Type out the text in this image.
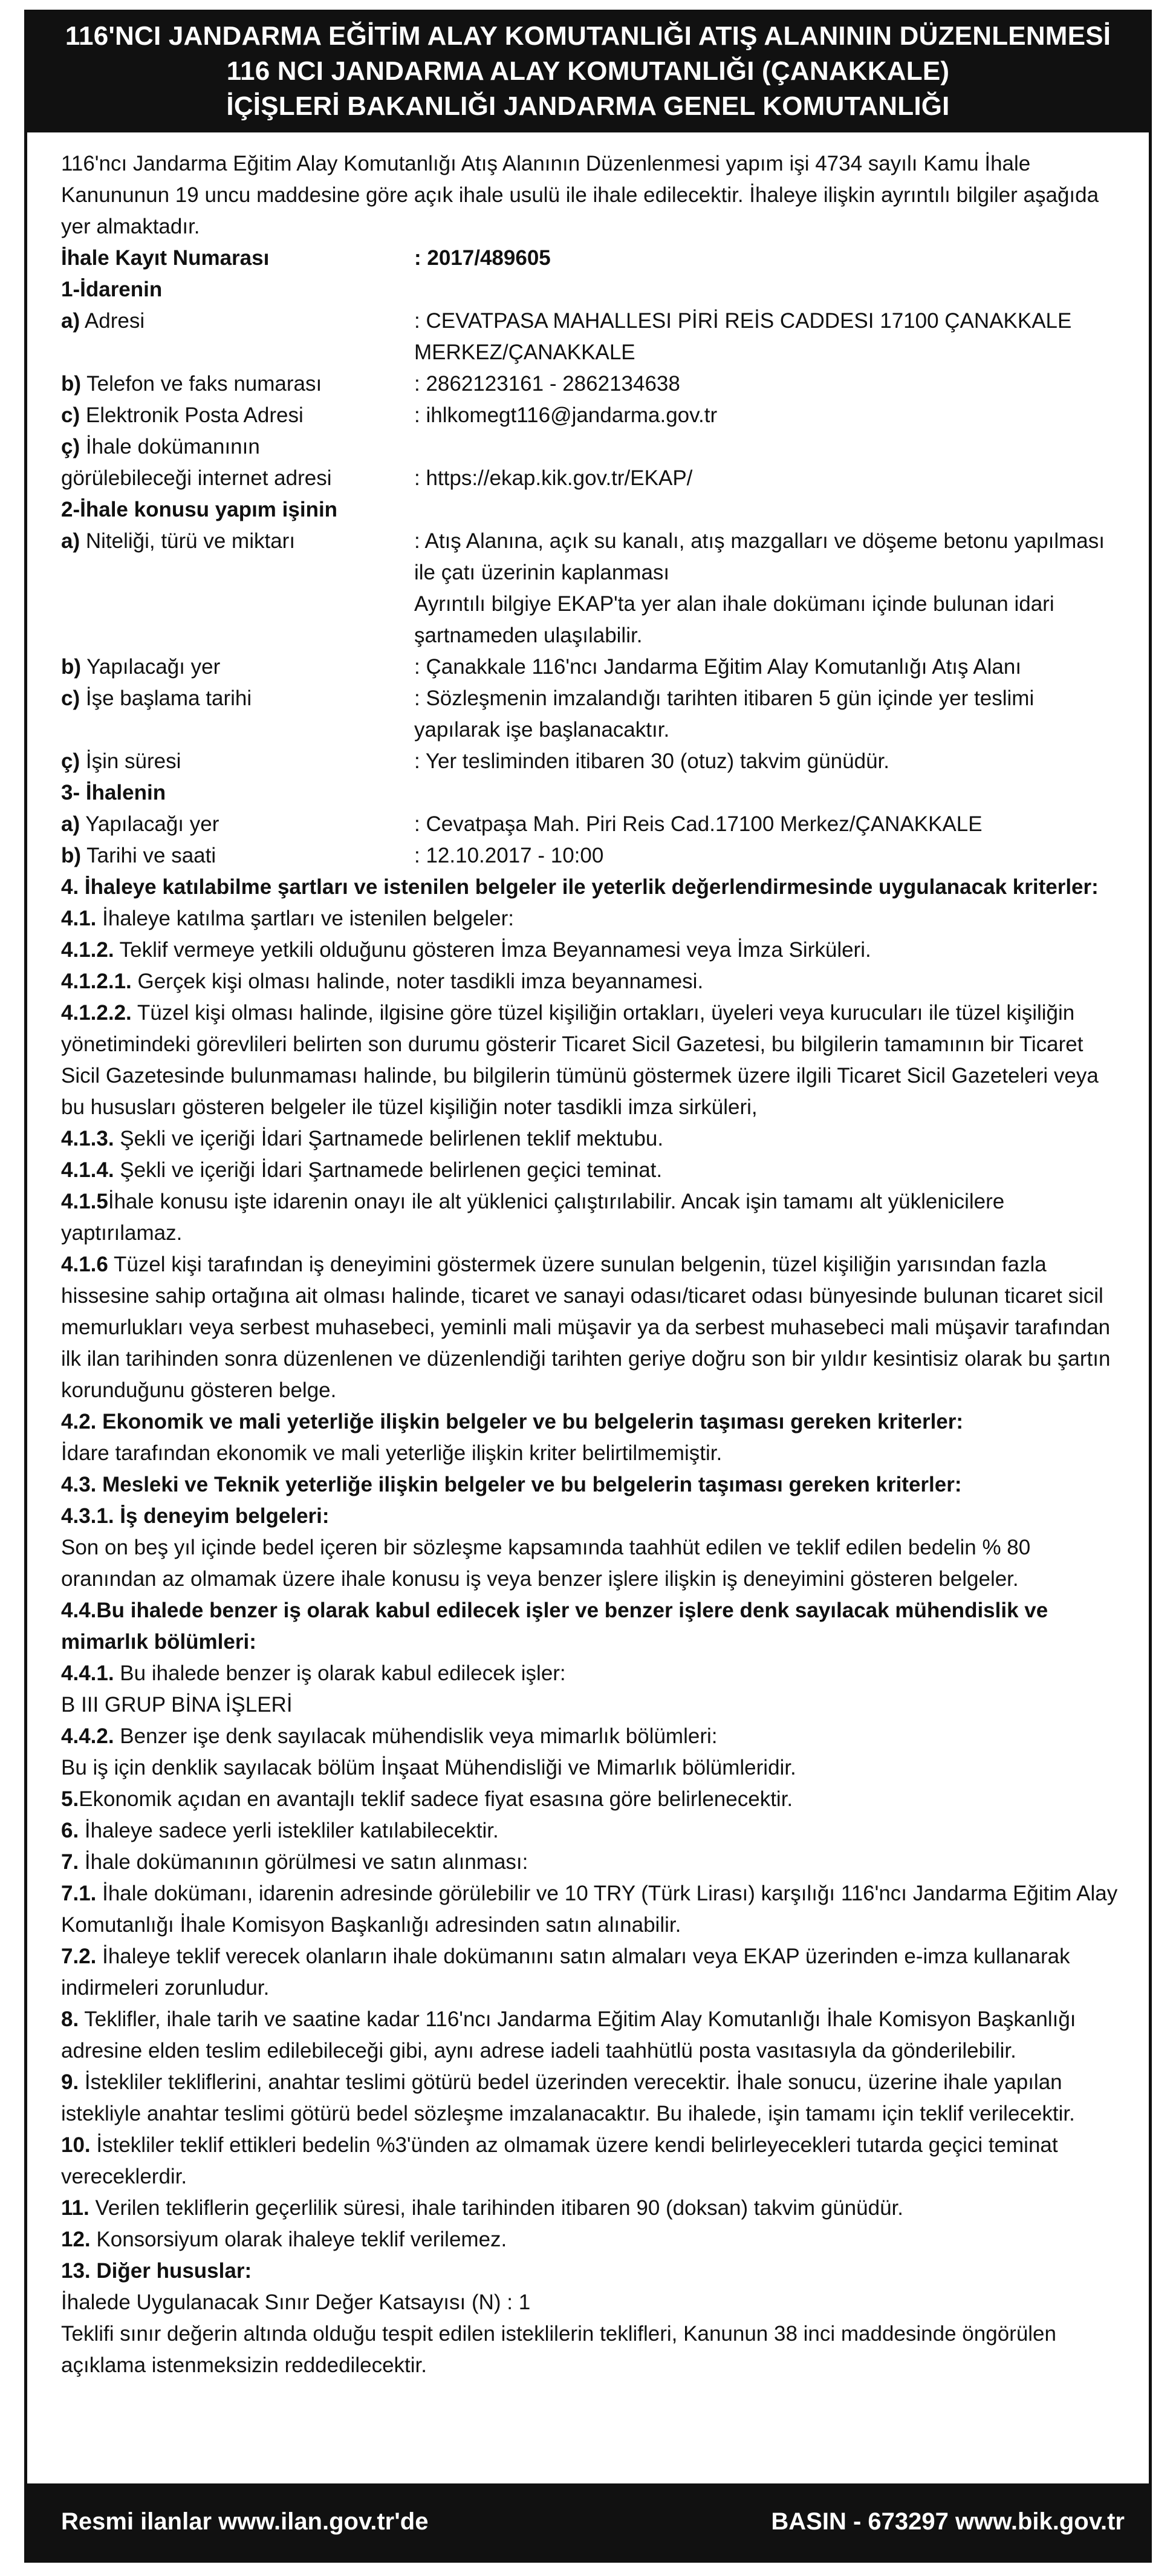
116'NCI JANDARMA EĞİTİM ALAY KOMUTANLIĞI ATIŞ ALANININ DÜZENLENMESİ
116 NCI JANDARMA ALAY KOMUTANLIĞI (ÇANAKKALE)
İÇİŞLERİ BAKANLIĞI JANDARMA GENEL KOMUTANLIĞI

116'ncı Jandarma Eğitim Alay Komutanlığı Atış Alanının Düzenlenmesi yapım işi 4734 sayılı Kamu İhale Kanununun 19 uncu maddesine göre açık ihale usulü ile ihale edilecektir. İhaleye ilişkin ayrıntılı bilgiler aşağıda yer almaktadır.

İhale Kayıt Numarası	: 2017/489605

1-İdarenin

a) Adresi	: CEVATPASA MAHALLESI PİRİ REİS CADDESI 17100 ÇANAKKALE MERKEZ/ÇANAKKALE
b) Telefon ve faks numarası	: 2862123161 - 2862134638
c) Elektronik Posta Adresi	: ihlkomegt116@jandarma.gov.tr
ç) İhale dokümanının
görülebileceği internet adresi	: https://ekap.kik.gov.tr/EKAP/

2-İhale konusu yapım işinin

a) Niteliği, türü ve miktarı	: Atış Alanına, açık su kanalı, atış mazgalları ve döşeme betonu yapılması ile çatı üzerinin kaplanması
Ayrıntılı bilgiye EKAP'ta yer alan ihale dokümanı içinde bulunan idari şartnameden ulaşılabilir.
b) Yapılacağı yer	: Çanakkale 116'ncı Jandarma Eğitim Alay Komutanlığı Atış Alanı
c) İşe başlama tarihi	: Sözleşmenin imzalandığı tarihten itibaren 5 gün içinde yer teslimi yapılarak işe başlanacaktır.
ç) İşin süresi	: Yer tesliminden itibaren 30 (otuz) takvim günüdür.

3- İhalenin

a) Yapılacağı yer	: Cevatpaşa Mah. Piri Reis Cad.17100 Merkez/ÇANAKKALE
b) Tarihi ve saati	: 12.10.2017 - 10:00

4. İhaleye katılabilme şartları ve istenilen belgeler ile yeterlik değerlendirmesinde uygulanacak kriterler:

4.1. İhaleye katılma şartları ve istenilen belgeler:

4.1.2. Teklif vermeye yetkili olduğunu gösteren İmza Beyannamesi veya İmza Sirküleri.

4.1.2.1. Gerçek kişi olması halinde, noter tasdikli imza beyannamesi.

4.1.2.2. Tüzel kişi olması halinde, ilgisine göre tüzel kişiliğin ortakları, üyeleri veya kurucuları ile tüzel kişiliğin yönetimindeki görevlileri belirten son durumu gösterir Ticaret Sicil Gazetesi, bu bilgilerin tamamının bir Ticaret Sicil Gazetesinde bulunmaması halinde, bu bilgilerin tümünü göstermek üzere ilgili Ticaret Sicil Gazeteleri veya bu hususları gösteren belgeler ile tüzel kişiliğin noter tasdikli imza sirküleri,

4.1.3. Şekli ve içeriği İdari Şartnamede belirlenen teklif mektubu.

4.1.4. Şekli ve içeriği İdari Şartnamede belirlenen geçici teminat.

4.1.5İhale konusu işte idarenin onayı ile alt yüklenici çalıştırılabilir. Ancak işin tamamı alt yüklenicilere yaptırılamaz.

4.1.6 Tüzel kişi tarafından iş deneyimini göstermek üzere sunulan belgenin, tüzel kişiliğin yarısından fazla hissesine sahip ortağına ait olması halinde, ticaret ve sanayi odası/ticaret odası bünyesinde bulunan ticaret sicil memurlukları veya serbest muhasebeci, yeminli mali müşavir ya da serbest muhasebeci mali müşavir tarafından ilk ilan tarihinden sonra düzenlenen ve düzenlendiği tarihten geriye doğru son bir yıldır kesintisiz olarak bu şartın korunduğunu gösteren belge.

4.2. Ekonomik ve mali yeterliğe ilişkin belgeler ve bu belgelerin taşıması gereken kriterler:

İdare tarafından ekonomik ve mali yeterliğe ilişkin kriter belirtilmemiştir.

4.3. Mesleki ve Teknik yeterliğe ilişkin belgeler ve bu belgelerin taşıması gereken kriterler:

4.3.1. İş deneyim belgeleri:

Son on beş yıl içinde bedel içeren bir sözleşme kapsamında taahhüt edilen ve teklif edilen bedelin % 80 oranından az olmamak üzere ihale konusu iş veya benzer işlere ilişkin iş deneyimini gösteren belgeler.

4.4.Bu ihalede benzer iş olarak kabul edilecek işler ve benzer işlere denk sayılacak mühendislik ve mimarlık bölümleri:

4.4.1. Bu ihalede benzer iş olarak kabul edilecek işler:

B III GRUP BİNA İŞLERİ

4.4.2. Benzer işe denk sayılacak mühendislik veya mimarlık bölümleri:

Bu iş için denklik sayılacak bölüm İnşaat Mühendisliği ve Mimarlık bölümleridir.

5.Ekonomik açıdan en avantajlı teklif sadece fiyat esasına göre belirlenecektir.

6. İhaleye sadece yerli istekliler katılabilecektir.

7. İhale dokümanının görülmesi ve satın alınması:

7.1. İhale dokümanı, idarenin adresinde görülebilir ve 10 TRY (Türk Lirası) karşılığı 116'ncı Jandarma Eğitim Alay Komutanlığı İhale Komisyon Başkanlığı adresinden satın alınabilir.

7.2. İhaleye teklif verecek olanların ihale dokümanını satın almaları veya EKAP üzerinden e-imza kullanarak indirmeleri zorunludur.

8. Teklifler, ihale tarih ve saatine kadar 116'ncı Jandarma Eğitim Alay Komutanlığı İhale Komisyon Başkanlığı adresine elden teslim edilebileceği gibi, aynı adrese iadeli taahhütlü posta vasıtasıyla da gönderilebilir.

9. İstekliler tekliflerini, anahtar teslimi götürü bedel üzerinden verecektir. İhale sonucu, üzerine ihale yapılan istekliyle anahtar teslimi götürü bedel sözleşme imzalanacaktır. Bu ihalede, işin tamamı için teklif verilecektir.

10. İstekliler teklif ettikleri bedelin %3'ünden az olmamak üzere kendi belirleyecekleri tutarda geçici teminat vereceklerdir.

11. Verilen tekliflerin geçerlilik süresi, ihale tarihinden itibaren 90 (doksan) takvim günüdür.

12. Konsorsiyum olarak ihaleye teklif verilemez.

13. Diğer hususlar:

İhalede Uygulanacak Sınır Değer Katsayısı (N) : 1

Teklifi sınır değerin altında olduğu tespit edilen isteklilerin teklifleri, Kanunun 38 inci maddesinde öngörülen açıklama istenmeksizin reddedilecektir.

Resmi ilanlar www.ilan.gov.tr'de	BASIN - 673297 www.bik.gov.tr
